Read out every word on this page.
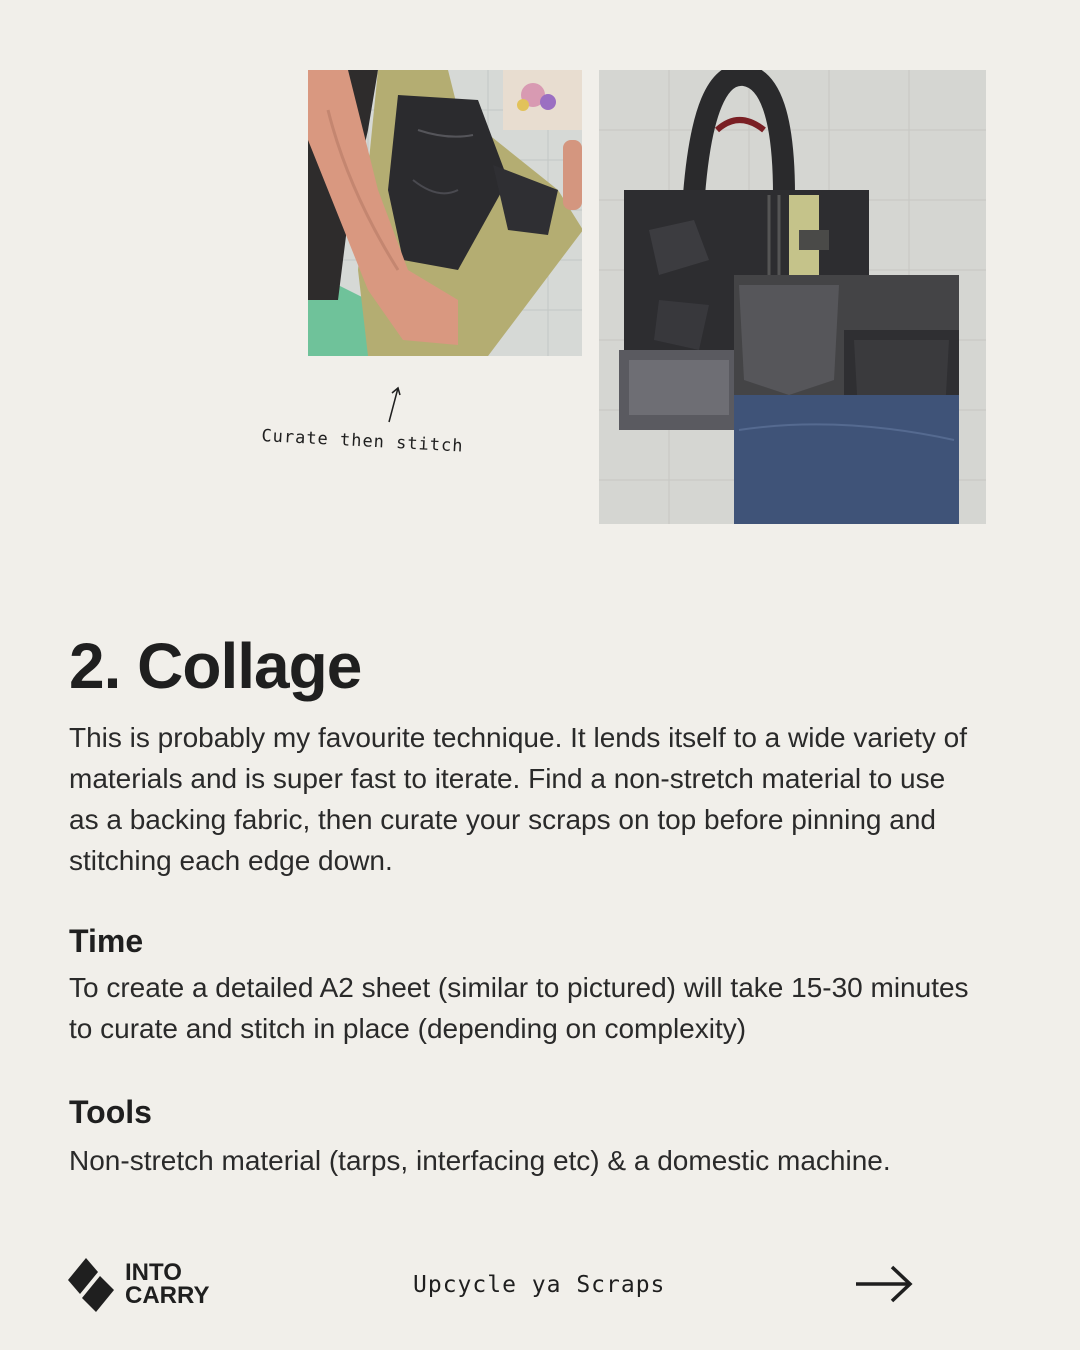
Curate then stitch
2. Collage

This is probably my favourite technique. It lends itself to a wide variety of materials and is super fast to iterate. Find a non-stretch material to use as a backing fabric, then curate your scraps on top before pinning and stitching each edge down.

Time

To create a detailed A2 sheet (similar to pictured) will take 15-30 minutes to curate and stitch in place (depending on complexity)

Tools

Non-stretch material (tarps, interfacing etc) & a domestic machine.

INTO
CARRY	Upcycle ya Scraps
